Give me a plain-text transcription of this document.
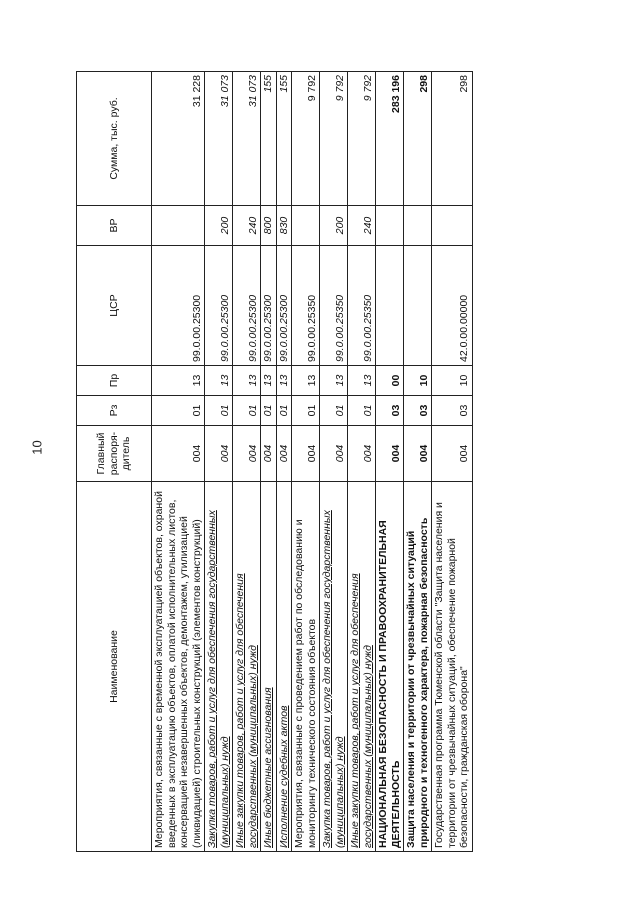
10
Наименование	Главный распоря-дитель	Рз	Пр	ЦСР	ВР	Сумма, тыс. руб.
Мероприятия, связанные с временной эксплуатацией объектов, охраной введенных в эксплуатацию объектов, оплатой исполнительных листов, консервацией незавершенных объектов, демонтажем, утилизацией (ликвидацией) строительных конструкций (элементов конструкций)	004	01	13	99.0.00.25300		31 228
Закупка товаров, работ и услуг для обеспечения государственных (муниципальных) нужд	004	01	13	99.0.00.25300	200	31 073
Иные закупки товаров, работ и услуг для обеспечения государственных (муниципальных) нужд	004	01	13	99.0.00.25300	240	31 073
Иные бюджетные ассигнования	004	01	13	99.0.00.25300	800	155
Исполнение судебных актов	004	01	13	99.0.00.25300	830	155
Мероприятия, связанные с проведением работ по обследованию и мониторингу технического состояния объектов	004	01	13	99.0.00.25350		9 792
Закупка товаров, работ и услуг для обеспечения государственных (муниципальных) нужд	004	01	13	99.0.00.25350	200	9 792
Иные закупки товаров, работ и услуг для обеспечения государственных (муниципальных) нужд	004	01	13	99.0.00.25350	240	9 792
НАЦИОНАЛЬНАЯ БЕЗОПАСНОСТЬ И ПРАВООХРАНИТЕЛЬНАЯ ДЕЯТЕЛЬНОСТЬ	004	03	00			283 196
Защита населения и территории от чрезвычайных ситуаций природного и техногенного характера, пожарная безопасность	004	03	10			298
Государственная программа Тюменской области "Защита населения и территории от чрезвычайных ситуаций, обеспечение пожарной безопасности, гражданская оборона"	004	03	10	42.0.00.00000		298
